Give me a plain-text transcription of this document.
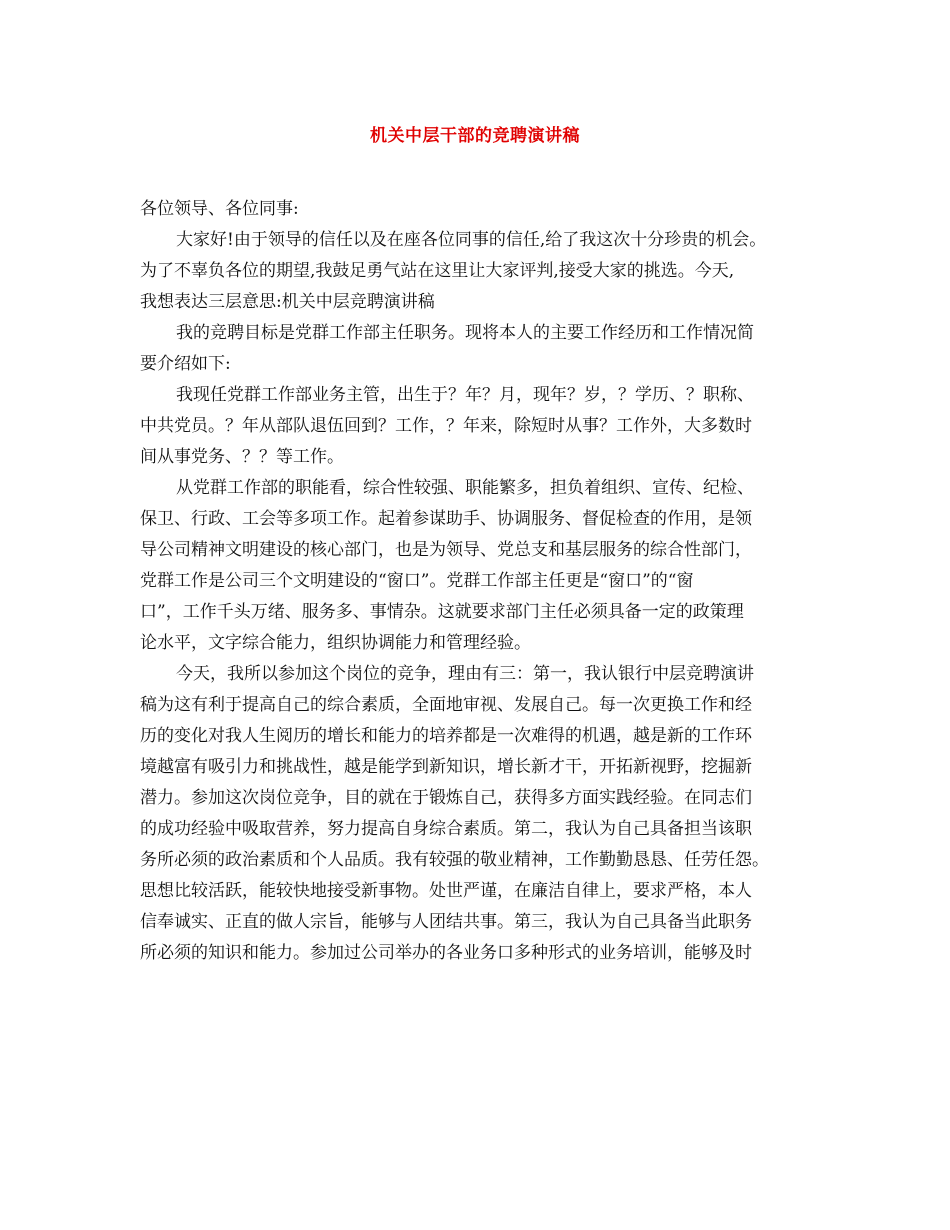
机关中层干部的竞聘演讲稿
各位领导、各位同事:
大家好!由于领导的信任以及在座各位同事的信任,给了我这次十分珍贵的机会。
为了不辜负各位的期望,我鼓足勇气站在这里让大家评判,接受大家的挑选。今天,
我想表达三层意思:机关中层竞聘演讲稿
我的竞聘目标是党群工作部主任职务。现将本人的主要工作经历和工作情况简
要介绍如下:
我现任党群工作部业务主管，出生于？年？月，现年？岁，？学历、？职称、
中共党员。？年从部队退伍回到？工作，？年来，除短时从事？工作外，大多数时
间从事党务、？？等工作。
从党群工作部的职能看，综合性较强、职能繁多，担负着组织、宣传、纪检、
保卫、行政、工会等多项工作。起着参谋助手、协调服务、督促检查的作用，是领
导公司精神文明建设的核心部门，也是为领导、党总支和基层服务的综合性部门，
党群工作是公司三个文明建设的“窗口”。党群工作部主任更是“窗口”的“窗
口”，工作千头万绪、服务多、事情杂。这就要求部门主任必须具备一定的政策理
论水平，文字综合能力，组织协调能力和管理经验。
今天，我所以参加这个岗位的竞争，理由有三：第一，我认银行中层竞聘演讲
稿为这有利于提高自己的综合素质，全面地审视、发展自己。每一次更换工作和经
历的变化对我人生阅历的增长和能力的培养都是一次难得的机遇，越是新的工作环
境越富有吸引力和挑战性，越是能学到新知识，增长新才干，开拓新视野，挖掘新
潜力。参加这次岗位竞争，目的就在于锻炼自己，获得多方面实践经验。在同志们
的成功经验中吸取营养，努力提高自身综合素质。第二，我认为自己具备担当该职
务所必须的政治素质和个人品质。我有较强的敬业精神，工作勤勤恳恳、任劳任怨。
思想比较活跃，能较快地接受新事物。处世严谨，在廉洁自律上，要求严格，本人
信奉诚实、正直的做人宗旨，能够与人团结共事。第三，我认为自己具备当此职务
所必须的知识和能力。参加过公司举办的各业务口多种形式的业务培训，能够及时
